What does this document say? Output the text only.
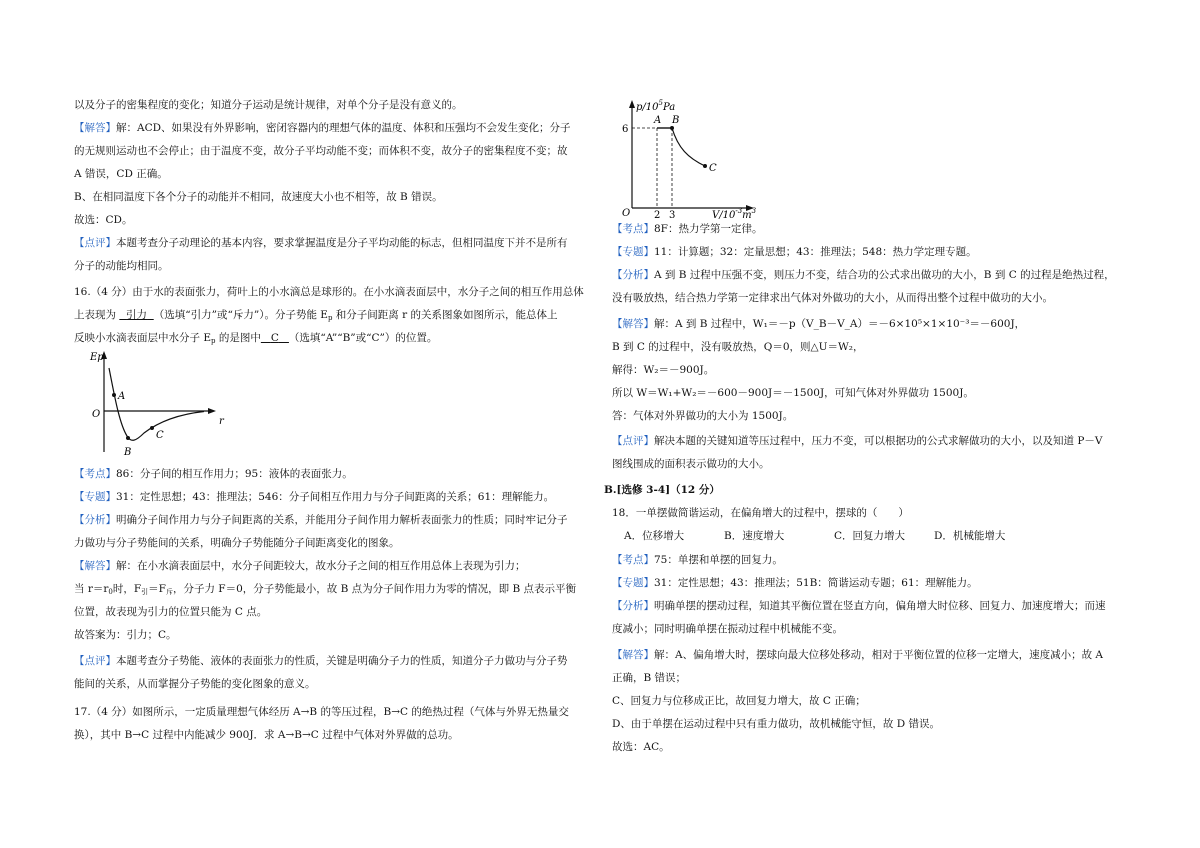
以及分子的密集程度的变化；知道分子运动是统计规律，对单个分子是没有意义的。
【解答】解：ACD、如果没有外界影响，密闭容器内的理想气体的温度、体积和压强均不会发生变化；分子
的无规则运动也不会停止；由于温度不变，故分子平均动能不变；而体积不变，故分子的密集程度不变；故
A 错误，CD 正确。
B、在相同温度下各个分子的动能并不相同，故速度大小也不相等，故 B 错误。
故选：CD。
【点评】本题考查分子动理论的基本内容，要求掌握温度是分子平均动能的标志，但相同温度下并不是所有
分子的动能均相同。
16.（4 分）由于水的表面张力，荷叶上的小水滴总是球形的。在小水滴表面层中，水分子之间的相互作用总体
上表现为 引力 （选填“引力”或“斥力”）。分子势能 $E_p$ 和分子间距离 r 的关系图象如图所示，能总体上
反映小水滴表面层中水分子 $E_p$ 的是图中 C （选填“A”“B”或“C”）的位置。
Ep
O
r
A
B
C
【考点】86：分子间的相互作用力；95：液体的表面张力。
【专题】31：定性思想；43：推理法；546：分子间相互作用力与分子间距离的关系；61：理解能力。
【分析】明确分子间作用力与分子间距离的关系，并能用分子间作用力解析表面张力的性质；同时牢记分子
力做功与分子势能间的关系，明确分子势能随分子间距离变化的图象。
【解答】解：在小水滴表面层中，水分子间距较大，故水分子之间的相互作用总体上表现为引力；
当 $r=r_0$时，$F_引=F_斥$，分子力 F＝0，分子势能最小，故 B 点为分子间作用力为零的情况，即 B 点表示平衡
位置，故表现为引力的位置只能为 C 点。
故答案为：引力；C。
【点评】本题考查分子势能、液体的表面张力的性质，关键是明确分子力的性质，知道分子力做功与分子势
能间的关系，从而掌握分子势能的变化图象的意义。
17.（4 分）如图所示，一定质量理想气体经历 A→B 的等压过程，B→C 的绝热过程（气体与外界无热量交
换），其中 B→C 过程中内能减少 900J．求 A→B→C 过程中气体对外界做的总功。
$p/10^5Pa$
6
O 2 3	$V/10^{-3}m^3$
A B
C
【考点】8F：热力学第一定律。
【专题】11：计算题；32：定量思想；43：推理法；548：热力学定理专题。
【分析】A 到 B 过程中压强不变，则压力不变，结合功的公式求出做功的大小，B 到 C 的过程是绝热过程，
没有吸放热，结合热力学第一定律求出气体对外做功的大小，从而得出整个过程中做功的大小。
【解答】解：A 到 B 过程中，W₁＝－p（V_B－V_A）＝－6×10⁵×1×10⁻³＝－600J，
B 到 C 的过程中，没有吸放热，Q＝0，则△U＝W₂，
解得：W₂＝－900J。
所以 W＝W₁+W₂＝－600－900J＝－1500J，可知气体对外界做功 1500J。
答：气体对外界做功的大小为 1500J。
【点评】解决本题的关键知道等压过程中，压力不变，可以根据功的公式求解做功的大小，以及知道 P－V
图线围成的面积表示做功的大小。
B.[选修 3-4]（12 分）
18．一单摆做简谐运动，在偏角增大的过程中，摆球的（　　）
A．位移增大	B．速度增大	C．回复力增大	D．机械能增大
【考点】75：单摆和单摆的回复力。
【专题】31：定性思想；43：推理法；51B：简谐运动专题；61：理解能力。
【分析】明确单摆的摆动过程，知道其平衡位置在竖直方向，偏角增大时位移、回复力、加速度增大；而速
度减小；同时明确单摆在振动过程中机械能不变。
【解答】解：A、偏角增大时，摆球向最大位移处移动，相对于平衡位置的位移一定增大，速度减小；故 A
正确，B 错误；
C、回复力与位移成正比，故回复力增大，故 C 正确；
D、由于单摆在运动过程中只有重力做功，故机械能守恒，故 D 错误。
故选：AC。
